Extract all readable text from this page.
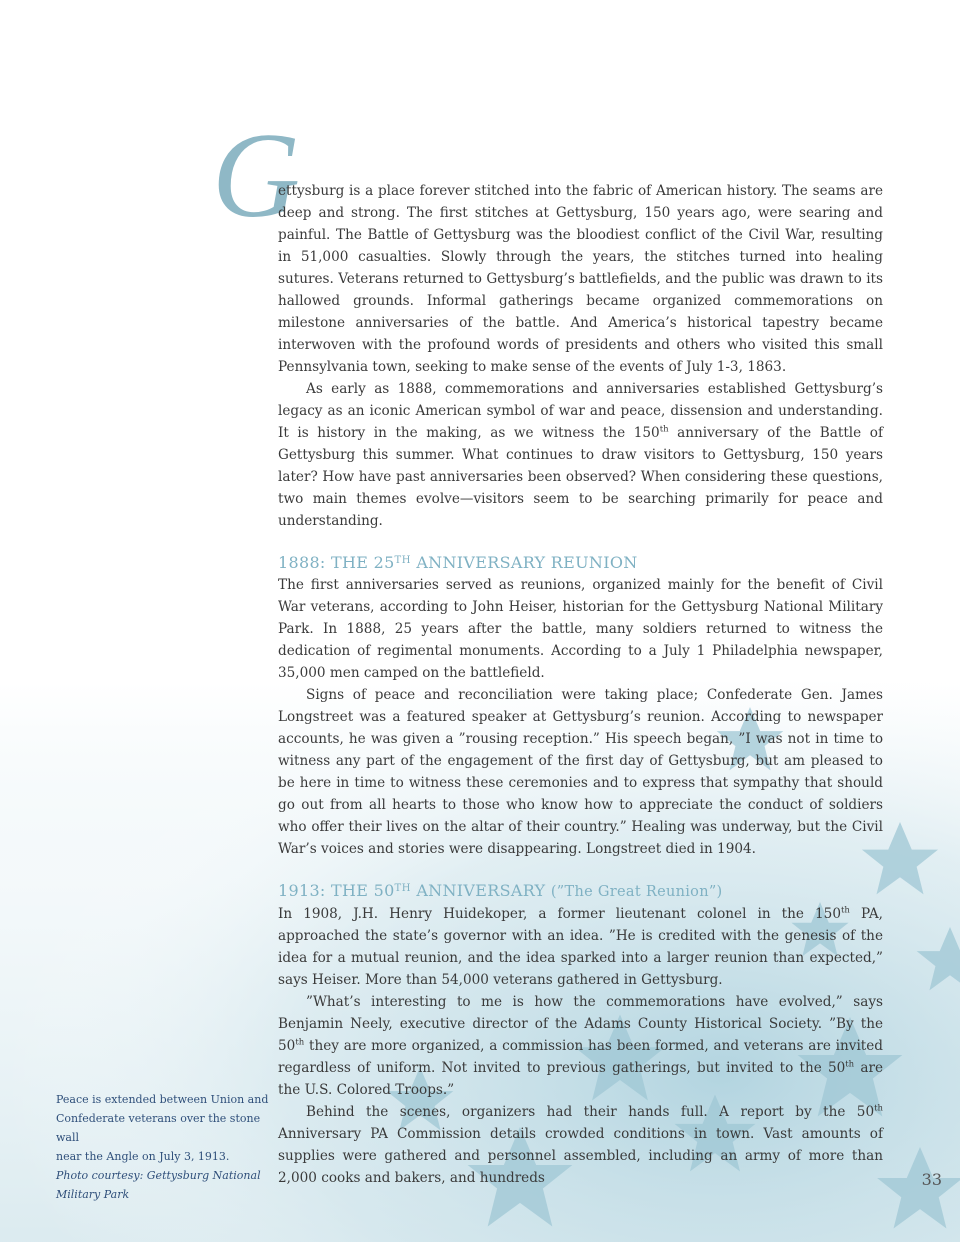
G

ettysburg is a place forever stitched into the fabric of American history. The seams are deep and strong. The first stitches at Gettysburg, 150 years ago, were searing and painful. The Battle of Gettysburg was the bloodiest conflict of the Civil War, resulting in 51,000 casualties. Slowly through the years, the stitches turned into healing sutures. Veterans returned to Gettysburg’s battlefields, and the public was drawn to its hallowed grounds. Informal gatherings became organized commemorations on milestone anniversaries of the battle. And America’s historical tapestry became interwoven with the profound words of presidents and others who visited this small Pennsylvania town, seeking to make sense of the events of July 1-3, 1863.

As early as 1888, commemorations and anniversaries established Gettysburg’s legacy as an iconic American symbol of war and peace, dissension and understanding. It is history in the making, as we witness the 150th anniversary of the Battle of Gettysburg this summer. What continues to draw visitors to Gettysburg, 150 years later? How have past anniversaries been observed? When considering these questions, two main themes evolve—visitors seem to be searching primarily for peace and understanding.

1888: THE 25TH ANNIVERSARY REUNION

The first anniversaries served as reunions, organized mainly for the benefit of Civil War veterans, according to John Heiser, historian for the Gettysburg National Military Park. In 1888, 25 years after the battle, many soldiers returned to witness the dedication of regimental monuments. According to a July 1 Philadelphia newspaper, 35,000 men camped on the battlefield.

Signs of peace and reconciliation were taking place; Confederate Gen. James Longstreet was a featured speaker at Gettysburg’s reunion. According to newspaper accounts, he was given a ”rousing reception.” His speech began, ”I was not in time to witness any part of the engagement of the first day of Gettysburg, but am pleased to be here in time to witness these ceremonies and to express that sympathy that should go out from all hearts to those who know how to appreciate the conduct of soldiers who offer their lives on the altar of their country.” Healing was underway, but the Civil War’s voices and stories were disappearing. Longstreet died in 1904.

1913: THE 50TH ANNIVERSARY (”The Great Reunion”)

In 1908, J.H. Henry Huidekoper, a former lieutenant colonel in the 150th PA, approached the state’s governor with an idea. ”He is credited with the genesis of the idea for a mutual reunion, and the idea sparked into a larger reunion than expected,” says Heiser. More than 54,000 veterans gathered in Gettysburg.

”What’s interesting to me is how the commemorations have evolved,” says Benjamin Neely, executive director of the Adams County Historical Society. ”By the 50th they are more organized, a commission has been formed, and veterans are invited regardless of uniform. Not invited to previous gatherings, but invited to the 50th are the U.S. Colored Troops.”

Behind the scenes, organizers had their hands full. A report by the 50th Anniversary PA Commission details crowded conditions in town. Vast amounts of supplies were gathered and personnel assembled, including an army of more than 2,000 cooks and bakers, and hundreds

Peace is extended between Union and
Confederate veterans over the stone wall
near the Angle on July 3, 1913.
Photo courtesy: Gettysburg National Military Park
33
